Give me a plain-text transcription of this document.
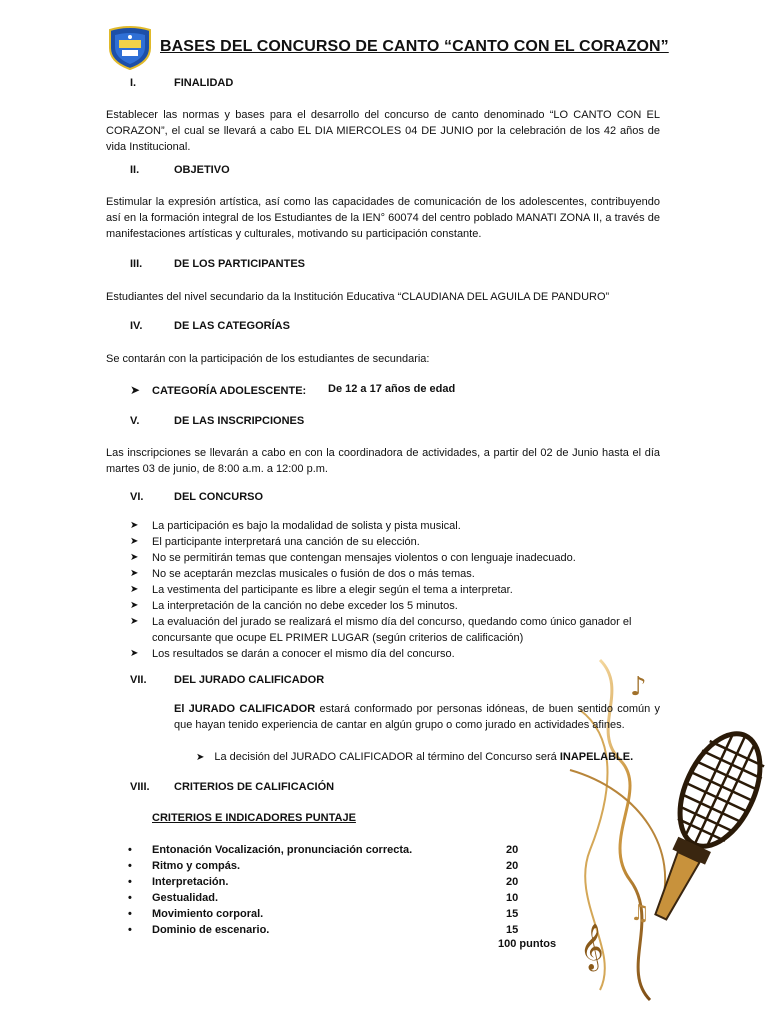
BASES DEL CONCURSO DE CANTO “CANTO CON EL CORAZON”
I.	FINALIDAD
Establecer las normas y bases para el desarrollo del concurso de canto denominado “LO CANTO CON EL CORAZON”, el cual se llevará a cabo EL DIA MIERCOLES 04 DE JUNIO por la celebración de los 42 años de vida Institucional.
II.	OBJETIVO
Estimular la expresión artística, así como las capacidades de comunicación de los adolescentes, contribuyendo así en la formación integral de los Estudiantes de la IEN° 60074 del centro poblado MANATI ZONA II, a través de manifestaciones artísticas y culturales, motivando su participación constante.
III.	DE LOS PARTICIPANTES
Estudiantes del nivel secundario da la Institución Educativa “CLAUDIANA DEL AGUILA DE PANDURO”
IV.	DE LAS CATEGORÍAS
Se contarán con la participación de los estudiantes de secundaria:
➤ CATEGORÍA ADOLESCENTE: De 12 a 17 años de edad
V.	DE LAS INSCRIPCIONES
Las inscripciones se llevarán a cabo en con la coordinadora de actividades, a partir del 02 de Junio hasta el día martes 03 de junio, de 8:00 a.m. a 12:00 p.m.
VI.	DEL CONCURSO
➤ La participación es bajo la modalidad de solista y pista musical.
➤ El participante interpretará una canción de su elección.
➤ No se permitirán temas que contengan mensajes violentos o con lenguaje inadecuado.
➤ No se aceptarán mezclas musicales o fusión de dos o más temas.
➤ La vestimenta del participante es libre a elegir según el tema a interpretar.
➤ La interpretación de la canción no debe exceder los 5 minutos.
➤ La evaluación del jurado se realizará el mismo día del concurso, quedando como único ganador el concursante que ocupe EL PRIMER LUGAR (según criterios de calificación)
➤ Los resultados se darán a conocer el mismo día del concurso.
♪
𝄞
♫
VII. DEL JURADO CALIFICADOR
El JURADO CALIFICADOR estará conformado por personas idóneas, de buen sentido común y que hayan tenido experiencia de cantar en algún grupo o como jurado en actividades afines.
➤ La decisión del JURADO CALIFICADOR al término del Concurso será INAPELABLE.
VIII. CRITERIOS DE CALIFICACIÓN
CRITERIOS E INDICADORES PUNTAJE
• Entonación Vocalización, pronunciación correcta.	20
• Ritmo y compás.	20
• Interpretación.	20
• Gestualidad.	10
• Movimiento corporal.	15
• Dominio de escenario.	15
100 puntos
